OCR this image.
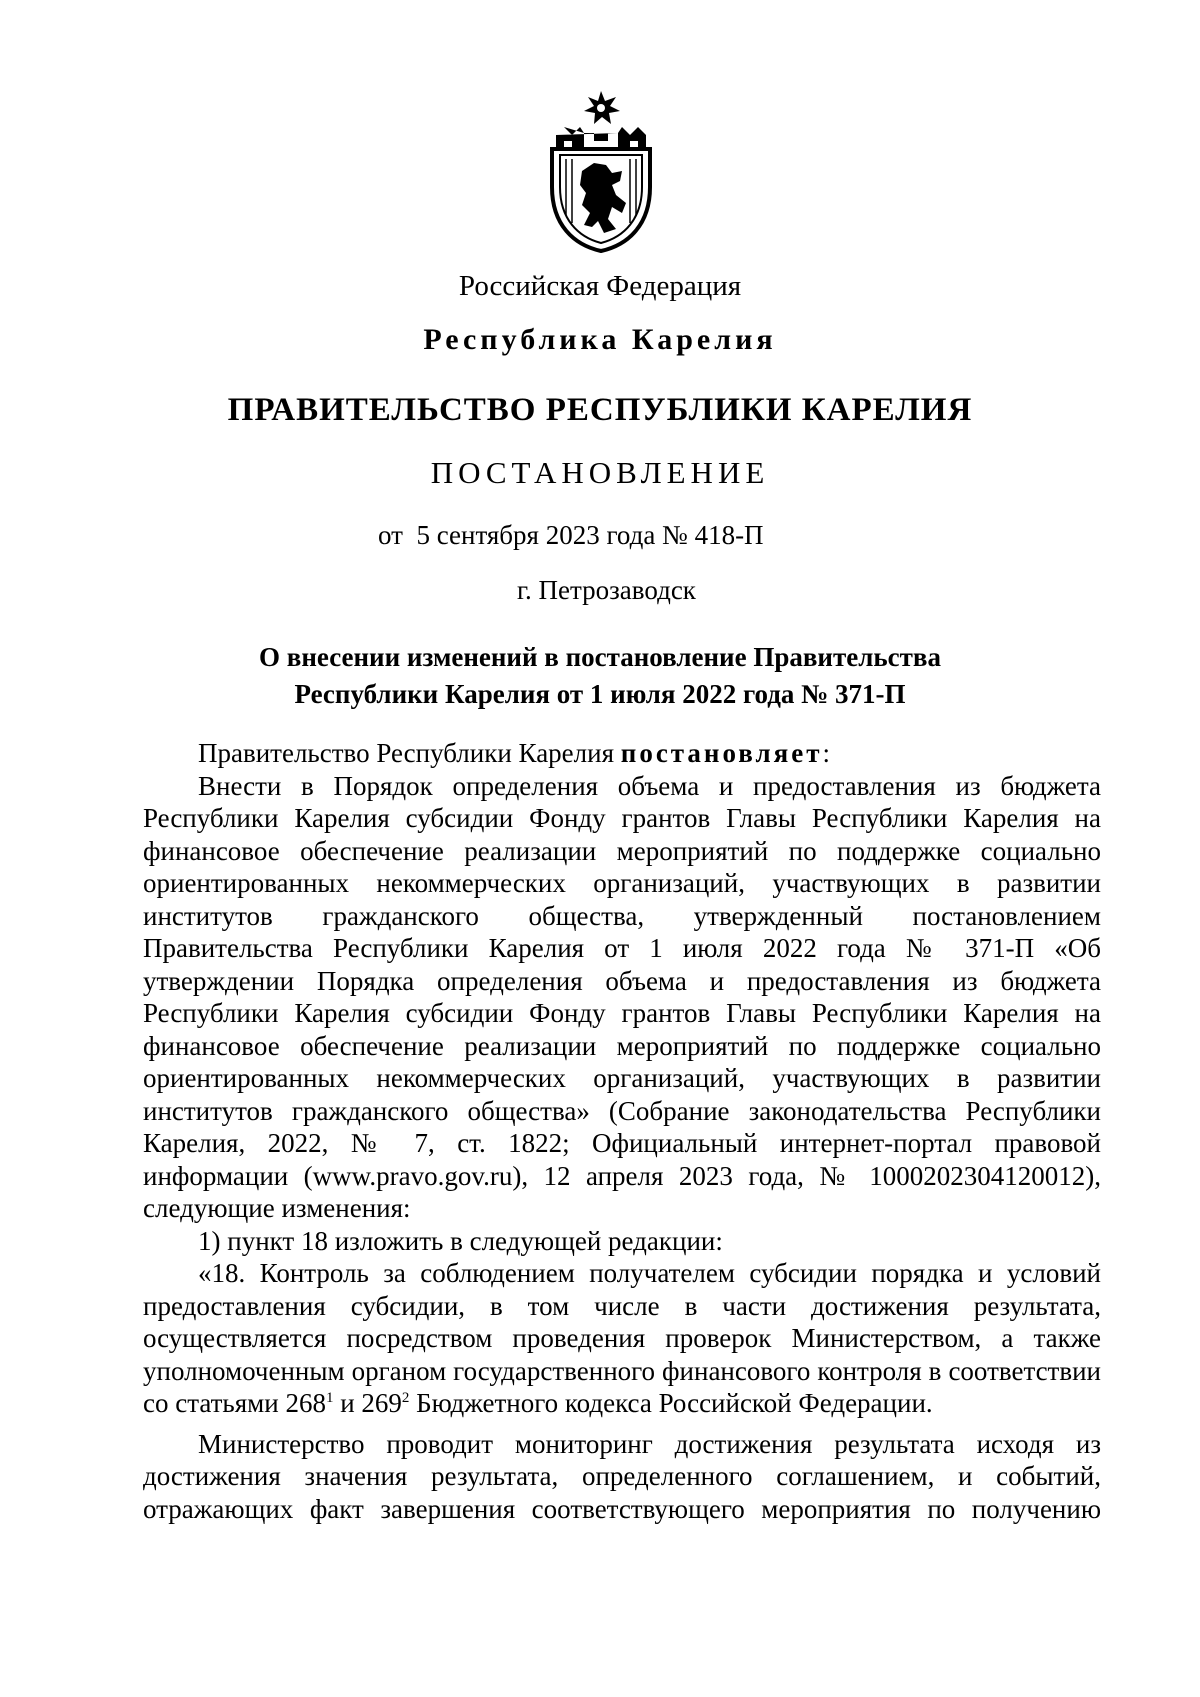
Российская Федерация
Республика Карелия
ПРАВИТЕЛЬСТВО РЕСПУБЛИКИ КАРЕЛИЯ
ПОСТАНОВЛЕНИЕ
от  5 сентября 2023 года № 418-П
г. Петрозаводск
О внесении изменений в постановление Правительства
Республики Карелия от 1 июля 2022 года № 371-П

Правительство Республики Карелия постановляет:

Внести в Порядок определения объема и предоставления из бюджета Республики Карелия субсидии Фонду грантов Главы Республики Карелия на финансовое обеспечение реализации мероприятий по поддержке социально ориентированных некоммерческих организаций, участвующих в развитии институтов гражданского общества, утвержденный постановлением Правительства Республики Карелия от 1 июля 2022 года № 371-П «Об утверждении Порядка определения объема и предоставления из бюджета Республики Карелия субсидии Фонду грантов Главы Республики Карелия на финансовое обеспечение реализации мероприятий по поддержке социально ориентированных некоммерческих организаций, участвующих в развитии институтов гражданского общества» (Собрание законодательства Республики Карелия, 2022, № 7, ст. 1822; Официальный интернет-портал правовой информации (www.pravo.gov.ru), 12 апреля 2023 года, № 1000202304120012), следующие изменения:

1) пункт 18 изложить в следующей редакции:

«18. Контроль за соблюдением получателем субсидии порядка и условий предоставления субсидии, в том числе в части достижения результата, осуществляется посредством проведения проверок Министерством, а также уполномоченным органом государственного финансового контроля в соответствии со статьями $268^1$ и $269^2$ Бюджетного кодекса Российской Федерации.

Министерство проводит мониторинг достижения результата исходя из достижения значения результата, определенного соглашением, и событий, отражающих факт завершения соответствующего мероприятия по получению
